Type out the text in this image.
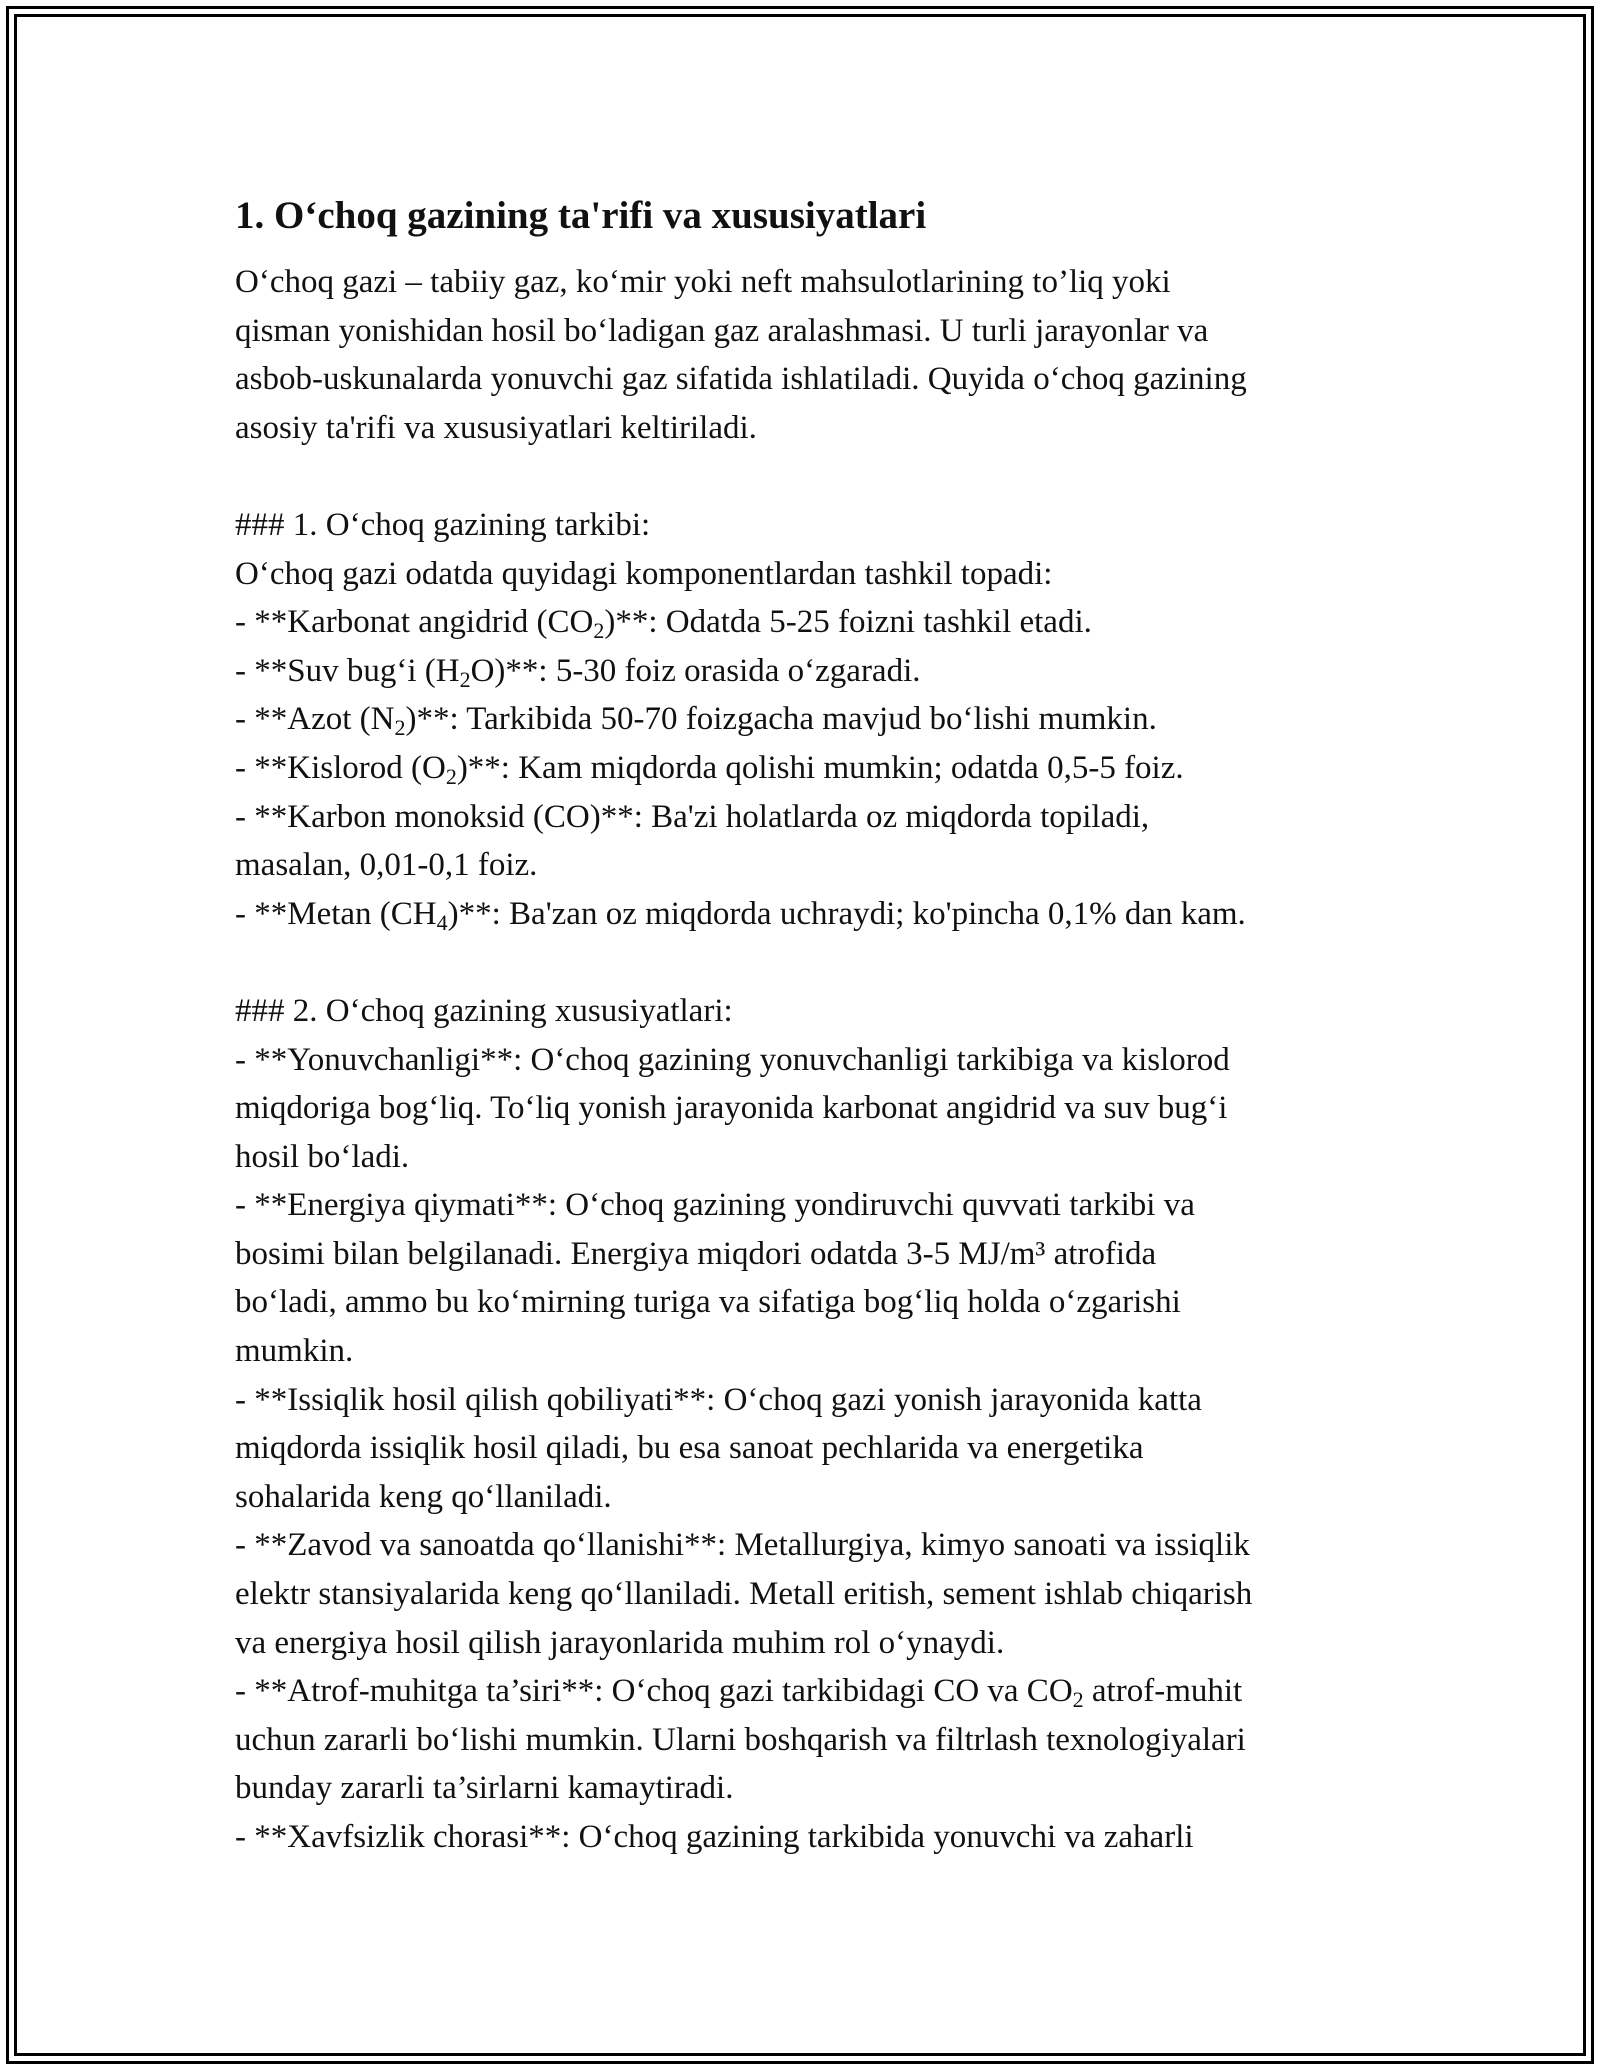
1. O‘choq gazining ta'rifi va xususiyatlari
O‘choq gazi – tabiiy gaz, ko‘mir yoki neft mahsulotlarining to’liq yoki
qisman yonishidan hosil bo‘ladigan gaz aralashmasi. U turli jarayonlar va
asbob-uskunalarda yonuvchi gaz sifatida ishlatiladi. Quyida o‘choq gazining
asosiy ta'rifi va xususiyatlari keltiriladi.
### 1. O‘choq gazining tarkibi:
O‘choq gazi odatda quyidagi komponentlardan tashkil topadi:
- **Karbonat angidrid $(CO_2)**$: Odatda 5-25 foizni tashkil etadi.
- **Suv bug‘i $(H_2O)**$: 5-30 foiz orasida o‘zgaradi.
- **Azot $(N_2)**$: Tarkibida 50-70 foizgacha mavjud bo‘lishi mumkin.
- **Kislorod $(O_2)**$: Kam miqdorda qolishi mumkin; odatda 0,5-5 foiz.
- **Karbon monoksid (CO)**: Ba'zi holatlarda oz miqdorda topiladi,
masalan, 0,01-0,1 foiz.
- **Metan $(CH_4)**$: Ba'zan oz miqdorda uchraydi; ko'pincha 0,1% dan kam.
### 2. O‘choq gazining xususiyatlari:
- **Yonuvchanligi**: O‘choq gazining yonuvchanligi tarkibiga va kislorod
miqdoriga bog‘liq. To‘liq yonish jarayonida karbonat angidrid va suv bug‘i
hosil bo‘ladi.
- **Energiya qiymati**: O‘choq gazining yondiruvchi quvvati tarkibi va
bosimi bilan belgilanadi. Energiya miqdori odatda 3-5 MJ/m³ atrofida
bo‘ladi, ammo bu ko‘mirning turiga va sifatiga bog‘liq holda o‘zgarishi
mumkin.
- **Issiqlik hosil qilish qobiliyati**: O‘choq gazi yonish jarayonida katta
miqdorda issiqlik hosil qiladi, bu esa sanoat pechlarida va energetika
sohalarida keng qo‘llaniladi.
- **Zavod va sanoatda qo‘llanishi**: Metallurgiya, kimyo sanoati va issiqlik
elektr stansiyalarida keng qo‘llaniladi. Metall eritish, sement ishlab chiqarish
va energiya hosil qilish jarayonlarida muhim rol o‘ynaydi.
- **Atrof-muhitga ta’siri**: O‘choq gazi tarkibidagi CO va $CO_2$ atrof-muhit
uchun zararli bo‘lishi mumkin. Ularni boshqarish va filtrlash texnologiyalari
bunday zararli ta’sirlarni kamaytiradi.
- **Xavfsizlik chorasi**: O‘choq gazining tarkibida yonuvchi va zaharli
